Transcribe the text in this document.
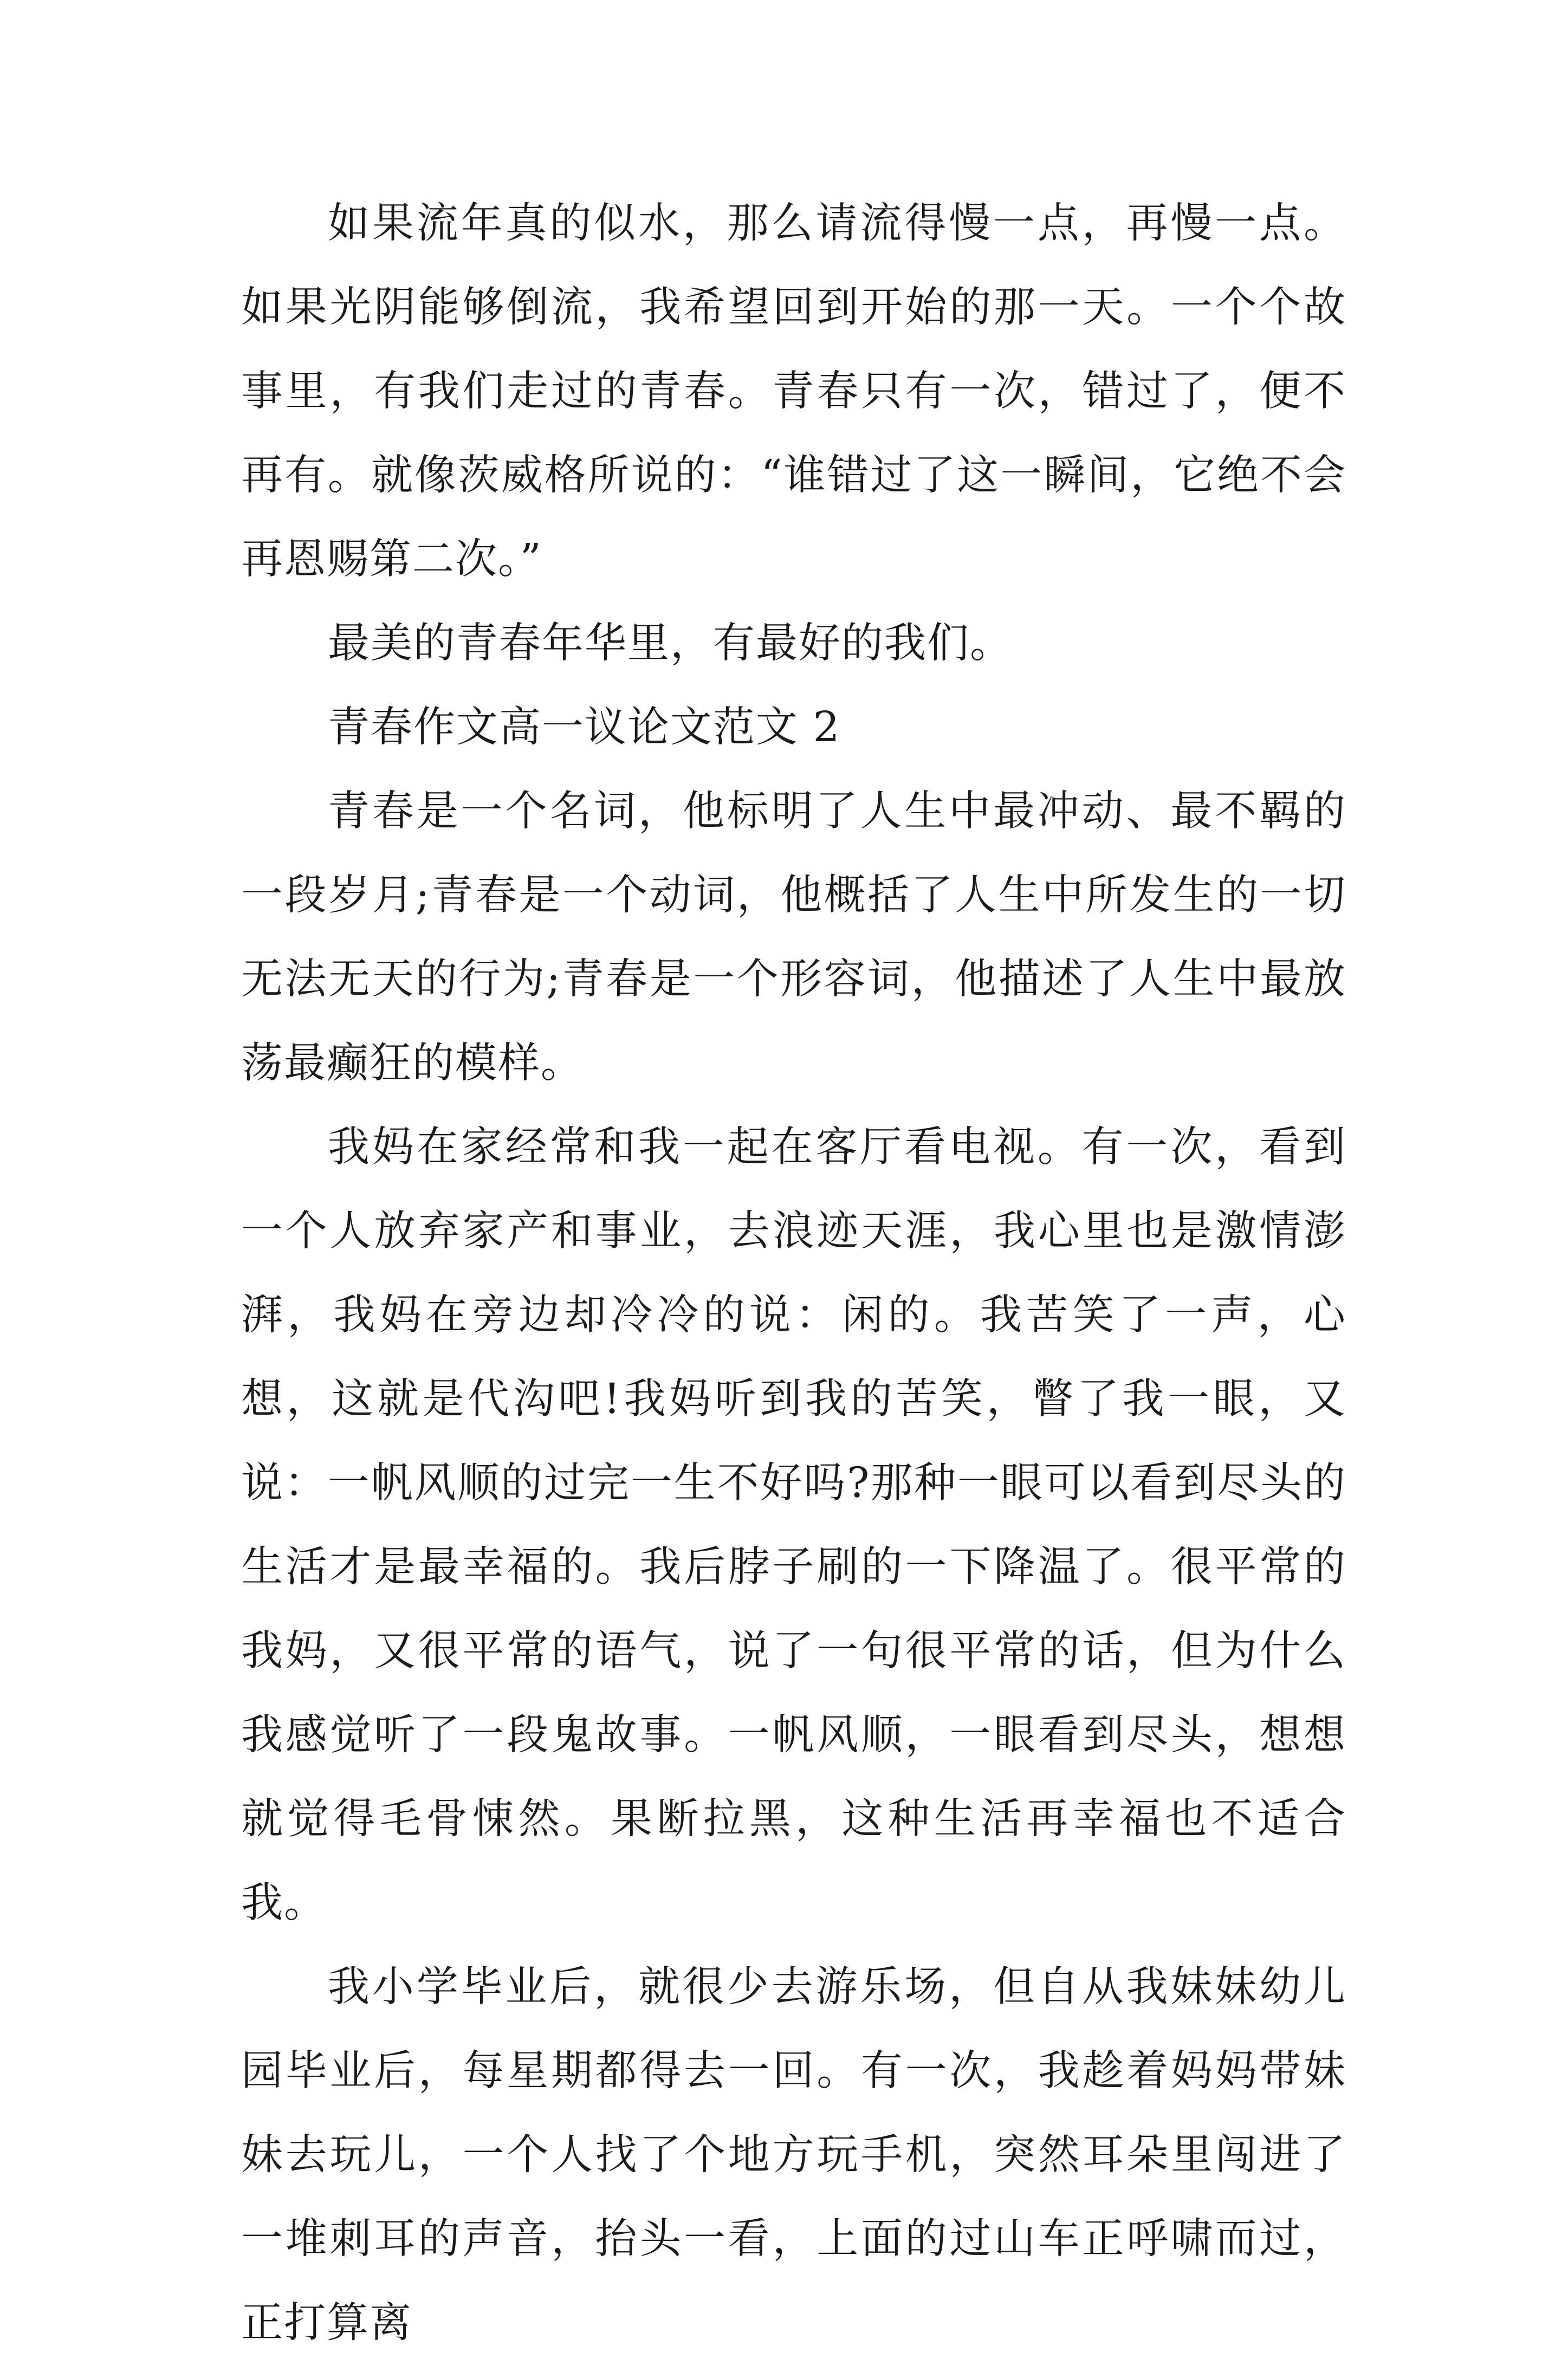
如果流年真的似水，那么请流得慢一点，再慢一点。如果光阴能够倒流，我希望回到开始的那一天。一个个故事里，有我们走过的青春。青春只有一次，错过了，便不再有。就像茨威格所说的：“谁错过了这一瞬间，它绝不会再恩赐第二次。”

最美的青春年华里，有最好的我们。

青春作文高一议论文范文 2

青春是一个名词，他标明了人生中最冲动、最不羁的一段岁月;青春是一个动词，他概括了人生中所发生的一切无法无天的行为;青春是一个形容词，他描述了人生中最放荡最癫狂的模样。

我妈在家经常和我一起在客厅看电视。有一次，看到一个人放弃家产和事业，去浪迹天涯，我心里也是激情澎湃，我妈在旁边却冷冷的说：闲的。我苦笑了一声，心想，这就是代沟吧!我妈听到我的苦笑，瞥了我一眼，又说：一帆风顺的过完一生不好吗?那种一眼可以看到尽头的生活才是最幸福的。我后脖子刷的一下降温了。很平常的我妈，又很平常的语气，说了一句很平常的话，但为什么我感觉听了一段鬼故事。一帆风顺，一眼看到尽头，想想就觉得毛骨悚然。果断拉黑，这种生活再幸福也不适合我。

我小学毕业后，就很少去游乐场，但自从我妹妹幼儿园毕业后，每星期都得去一回。有一次，我趁着妈妈带妹妹去玩儿，一个人找了个地方玩手机，突然耳朵里闯进了一堆刺耳的声音，抬头一看，上面的过山车正呼啸而过，正打算离
